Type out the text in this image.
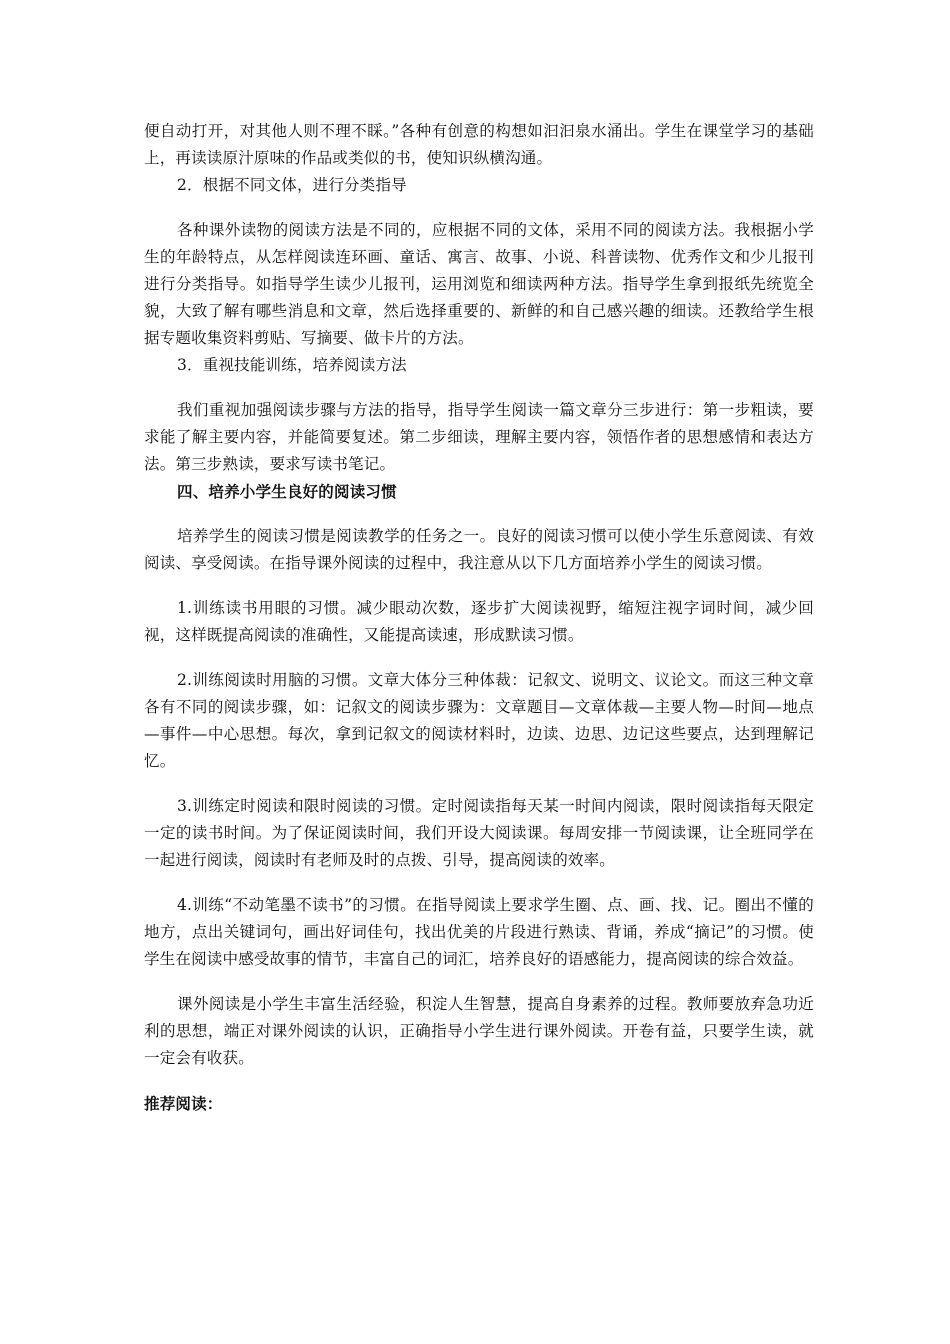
便自动打开，对其他人则不理不睬。”各种有创意的构想如汩汩泉水涌出。学生在课堂学习的基础上，再读读原汁原味的作品或类似的书，使知识纵横沟通。

2．根据不同文体，进行分类指导

各种课外读物的阅读方法是不同的，应根据不同的文体，采用不同的阅读方法。我根据小学生的年龄特点，从怎样阅读连环画、童话、寓言、故事、小说、科普读物、优秀作文和少儿报刊进行分类指导。如指导学生读少儿报刊，运用浏览和细读两种方法。指导学生拿到报纸先统览全貌，大致了解有哪些消息和文章，然后选择重要的、新鲜的和自己感兴趣的细读。还教给学生根据专题收集资料剪贴、写摘要、做卡片的方法。

3．重视技能训练，培养阅读方法

我们重视加强阅读步骤与方法的指导，指导学生阅读一篇文章分三步进行：第一步粗读，要求能了解主要内容，并能简要复述。第二步细读，理解主要内容，领悟作者的思想感情和表达方法。第三步熟读，要求写读书笔记。

四、培养小学生良好的阅读习惯

培养学生的阅读习惯是阅读教学的任务之一。良好的阅读习惯可以使小学生乐意阅读、有效阅读、享受阅读。在指导课外阅读的过程中，我注意从以下几方面培养小学生的阅读习惯。

1.训练读书用眼的习惯。减少眼动次数，逐步扩大阅读视野，缩短注视字词时间，减少回视，这样既提高阅读的准确性，又能提高读速，形成默读习惯。

2.训练阅读时用脑的习惯。文章大体分三种体裁：记叙文、说明文、议论文。而这三种文章各有不同的阅读步骤，如：记叙文的阅读步骤为：文章题目—文章体裁—主要人物—时间—地点—事件—中心思想。每次，拿到记叙文的阅读材料时，边读、边思、边记这些要点，达到理解记忆。

3.训练定时阅读和限时阅读的习惯。定时阅读指每天某一时间内阅读，限时阅读指每天限定一定的读书时间。为了保证阅读时间，我们开设大阅读课。每周安排一节阅读课，让全班同学在一起进行阅读，阅读时有老师及时的点拨、引导，提高阅读的效率。

4.训练“不动笔墨不读书”的习惯。在指导阅读上要求学生圈、点、画、找、记。圈出不懂的地方，点出关键词句，画出好词佳句，找出优美的片段进行熟读、背诵，养成“摘记”的习惯。使学生在阅读中感受故事的情节，丰富自己的词汇，培养良好的语感能力，提高阅读的综合效益。

课外阅读是小学生丰富生活经验，积淀人生智慧，提高自身素养的过程。教师要放弃急功近利的思想，端正对课外阅读的认识，正确指导小学生进行课外阅读。开卷有益，只要学生读，就一定会有收获。

推荐阅读：
